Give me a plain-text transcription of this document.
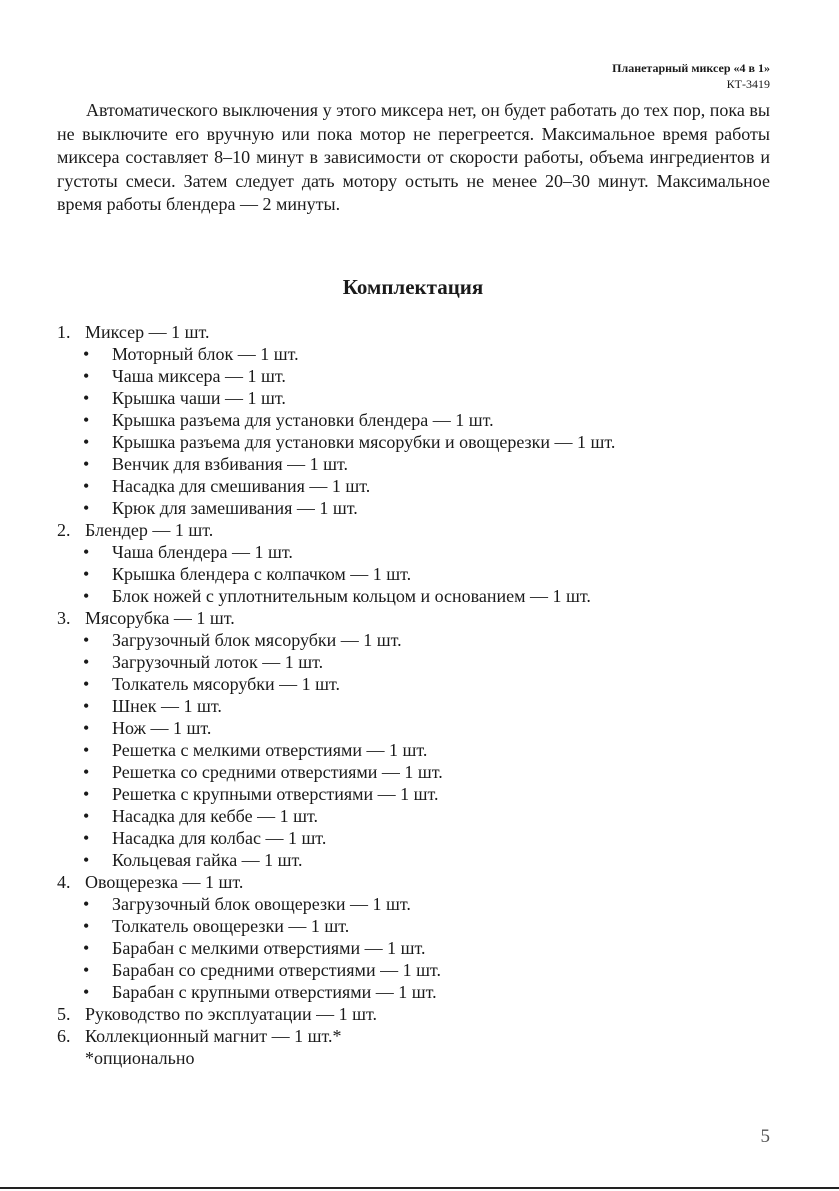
Планетарный миксер «4 в 1»
КТ-3419

Автоматического выключения у этого миксера нет, он будет работать до тех пор, пока вы не выключите его вручную или пока мотор не перегреется. Максимальное время работы миксера составляет 8–10 минут в зависимости от скорости работы, объема ингредиентов и густоты смеси. Затем следует дать мотору остыть не менее 20–30 минут. Максимальное время работы блендера — 2 минуты.

Комплектация
1. Миксер — 1 шт.
• Моторный блок — 1 шт.
• Чаша миксера — 1 шт.
• Крышка чаши — 1 шт.
• Крышка разъема для установки блендера — 1 шт.
• Крышка разъема для установки мясорубки и овощерезки — 1 шт.
• Венчик для взбивания — 1 шт.
• Насадка для смешивания — 1 шт.
• Крюк для замешивания — 1 шт.
2. Блендер — 1 шт.
• Чаша блендера — 1 шт.
• Крышка блендера с колпачком — 1 шт.
• Блок ножей с уплотнительным кольцом и основанием — 1 шт.
3. Мясорубка — 1 шт.
• Загрузочный блок мясорубки — 1 шт.
• Загрузочный лоток — 1 шт.
• Толкатель мясорубки — 1 шт.
• Шнек — 1 шт.
• Нож — 1 шт.
• Решетка с мелкими отверстиями — 1 шт.
• Решетка со средними отверстиями — 1 шт.
• Решетка с крупными отверстиями — 1 шт.
• Насадка для кеббе — 1 шт.
• Насадка для колбас — 1 шт.
• Кольцевая гайка — 1 шт.
4. Овощерезка — 1 шт.
• Загрузочный блок овощерезки — 1 шт.
• Толкатель овощерезки — 1 шт.
• Барабан с мелкими отверстиями — 1 шт.
• Барабан со средними отверстиями — 1 шт.
• Барабан с крупными отверстиями — 1 шт.
5. Руководство по эксплуатации — 1 шт.
6. Коллекционный магнит — 1 шт.*
*опционально
5
